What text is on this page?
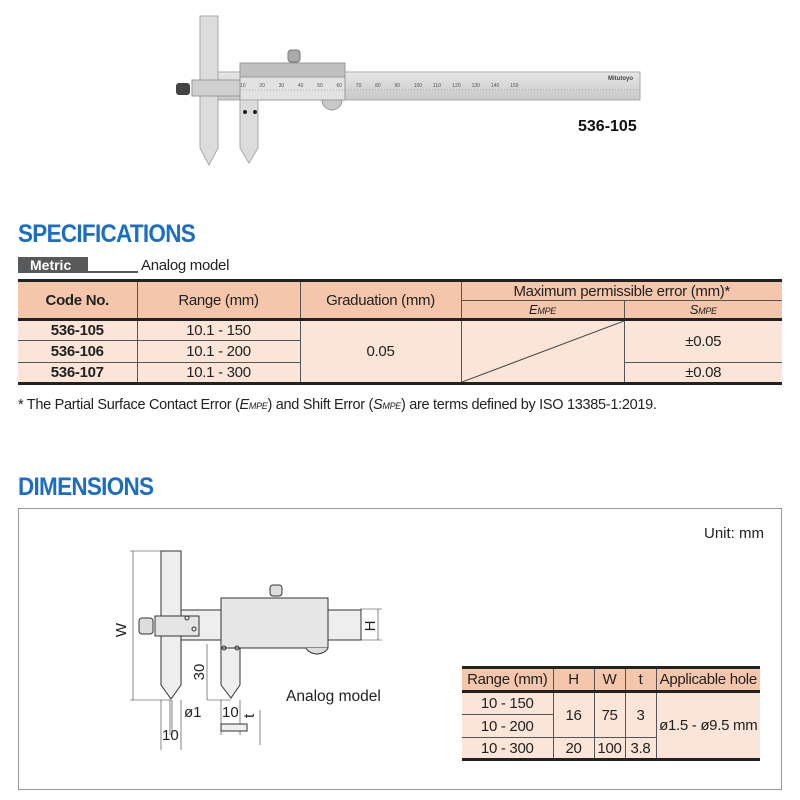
10	20	30	40	50	60	70	80	90	100 110 120 130 140 150
Mitutoyo
536-105
SPECIFICATIONS
Metric	Analog model
Code No.	Range (mm)	Graduation (mm)	Maximum permissible error (mm)*	
			EMPE	SMPE
536-105	10.1 - 150	0.05		±0.05
536-106	10.1 - 200			
536-107	10.1 - 300			±0.08
* The Partial Surface Contact Error (EMPE) and Shift Error (SMPE) are terms defined by ISO 13385-1:2019.
DIMENSIONS
Unit: mm
W	H
30
ø1
10
10 t
Analog model
Range (mm)	H	W	t	Applicable hole
10 - 150	16	75	3	ø1.5 - ø9.5 mm
10 - 200				
10 - 300	20	100	3.8	
